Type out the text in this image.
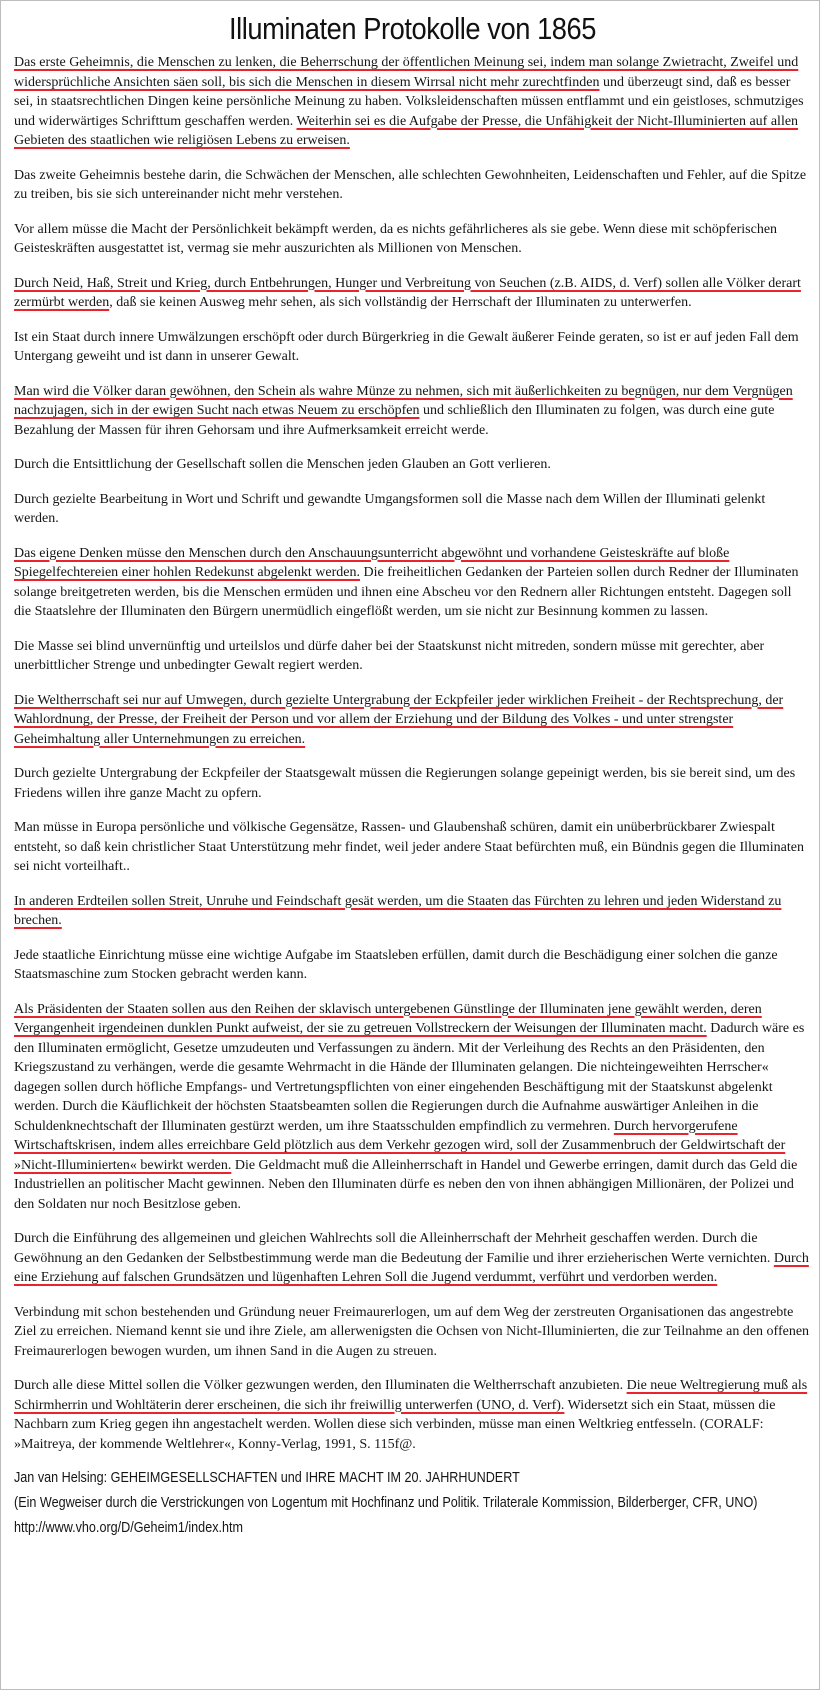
Illuminaten Protokolle von 1865

Das erste Geheimnis, die Menschen zu lenken, die Beherrschung der öffentlichen Meinung sei, indem man solange Zwietracht, Zweifel und widersprüchliche Ansichten säen soll, bis sich die Menschen in diesem Wirrsal nicht mehr zurechtfinden und überzeugt sind, daß es besser sei, in staatsrechtlichen Dingen keine persönliche Meinung zu haben. Volksleidenschaften müssen entflammt und ein geistloses, schmutziges und widerwärtiges Schrifttum geschaffen werden. Weiterhin sei es die Aufgabe der Presse, die Unfähigkeit der Nicht-Illuminierten auf allen Gebieten des staatlichen wie religiösen Lebens zu erweisen.

Das zweite Geheimnis bestehe darin, die Schwächen der Menschen, alle schlechten Gewohnheiten, Leidenschaften und Fehler, auf die Spitze zu treiben, bis sie sich untereinander nicht mehr verstehen.

Vor allem müsse die Macht der Persönlichkeit bekämpft werden, da es nichts gefährlicheres als sie gebe. Wenn diese mit schöpferischen Geisteskräften ausgestattet ist, vermag sie mehr auszurichten als Millionen von Menschen.

Durch Neid, Haß, Streit und Krieg, durch Entbehrungen, Hunger und Verbreitung von Seuchen (z.B. AIDS, d. Verf) sollen alle Völker derart zermürbt werden, daß sie keinen Ausweg mehr sehen, als sich vollständig der Herrschaft der Illuminaten zu unterwerfen.

Ist ein Staat durch innere Umwälzungen erschöpft oder durch Bürgerkrieg in die Gewalt äußerer Feinde geraten, so ist er auf jeden Fall dem Untergang geweiht und ist dann in unserer Gewalt.

Man wird die Völker daran gewöhnen, den Schein als wahre Münze zu nehmen, sich mit äußerlichkeiten zu begnügen, nur dem Vergnügen nachzujagen, sich in der ewigen Sucht nach etwas Neuem zu erschöpfen und schließlich den Illuminaten zu folgen, was durch eine gute Bezahlung der Massen für ihren Gehorsam und ihre Aufmerksamkeit erreicht werde.

Durch die Entsittlichung der Gesellschaft sollen die Menschen jeden Glauben an Gott verlieren.

Durch gezielte Bearbeitung in Wort und Schrift und gewandte Umgangsformen soll die Masse nach dem Willen der Illuminati gelenkt werden.

Das eigene Denken müsse den Menschen durch den Anschauungsunterricht abgewöhnt und vorhandene Geisteskräfte auf bloße Spiegelfechtereien einer hohlen Redekunst abgelenkt werden. Die freiheitlichen Gedanken der Parteien sollen durch Redner der Illuminaten solange breitgetreten werden, bis die Menschen ermüden und ihnen eine Abscheu vor den Rednern aller Richtungen entsteht. Dagegen soll die Staatslehre der Illuminaten den Bürgern unermüdlich eingeflößt werden, um sie nicht zur Besinnung kommen zu lassen.

Die Masse sei blind unvernünftig und urteilslos und dürfe daher bei der Staatskunst nicht mitreden, sondern müsse mit gerechter, aber unerbittlicher Strenge und unbedingter Gewalt regiert werden.

Die Weltherrschaft sei nur auf Umwegen, durch gezielte Untergrabung der Eckpfeiler jeder wirklichen Freiheit - der Rechtsprechung, der Wahlordnung, der Presse, der Freiheit der Person und vor allem der Erziehung und der Bildung des Volkes - und unter strengster Geheimhaltung aller Unternehmungen zu erreichen.

Durch gezielte Untergrabung der Eckpfeiler der Staatsgewalt müssen die Regierungen solange gepeinigt werden, bis sie bereit sind, um des Friedens willen ihre ganze Macht zu opfern.

Man müsse in Europa persönliche und völkische Gegensätze, Rassen- und Glaubenshaß schüren, damit ein unüberbrückbarer Zwiespalt entsteht, so daß kein christlicher Staat Unterstützung mehr findet, weil jeder andere Staat befürchten muß, ein Bündnis gegen die Illuminaten sei nicht vorteilhaft..

In anderen Erdteilen sollen Streit, Unruhe und Feindschaft gesät werden, um die Staaten das Fürchten zu lehren und jeden Widerstand zu brechen.

Jede staatliche Einrichtung müsse eine wichtige Aufgabe im Staatsleben erfüllen, damit durch die Beschädigung einer solchen die ganze Staatsmaschine zum Stocken gebracht werden kann.

Als Präsidenten der Staaten sollen aus den Reihen der sklavisch untergebenen Günstlinge der Illuminaten jene gewählt werden, deren Vergangenheit irgendeinen dunklen Punkt aufweist, der sie zu getreuen Vollstreckern der Weisungen der Illuminaten macht. Dadurch wäre es den Illuminaten ermöglicht, Gesetze umzudeuten und Verfassungen zu ändern. Mit der Verleihung des Rechts an den Präsidenten, den Kriegszustand zu verhängen, werde die gesamte Wehrmacht in die Hände der Illuminaten gelangen. Die nichteingeweihten Herrscher« dagegen sollen durch höfliche Empfangs- und Vertretungspflichten von einer eingehenden Beschäftigung mit der Staatskunst abgelenkt werden. Durch die Käuflichkeit der höchsten Staatsbeamten sollen die Regierungen durch die Aufnahme auswärtiger Anleihen in die Schuldenknechtschaft der Illuminaten gestürzt werden, um ihre Staatsschulden empfindlich zu vermehren. Durch hervorgerufene Wirtschaftskrisen, indem alles erreichbare Geld plötzlich aus dem Verkehr gezogen wird, soll der Zusammenbruch der Geldwirtschaft der »Nicht-Illuminierten« bewirkt werden. Die Geldmacht muß die Alleinherrschaft in Handel und Gewerbe erringen, damit durch das Geld die Industriellen an politischer Macht gewinnen. Neben den Illuminaten dürfe es neben den von ihnen abhängigen Millionären, der Polizei und den Soldaten nur noch Besitzlose geben.

Durch die Einführung des allgemeinen und gleichen Wahlrechts soll die Alleinherrschaft der Mehrheit geschaffen werden. Durch die Gewöhnung an den Gedanken der Selbstbestimmung werde man die Bedeutung der Familie und ihrer erzieherischen Werte vernichten. Durch eine Erziehung auf falschen Grundsätzen und lügenhaften Lehren Soll die Jugend verdummt, verführt und verdorben werden.

Verbindung mit schon bestehenden und Gründung neuer Freimaurerlogen, um auf dem Weg der zerstreuten Organisationen das angestrebte Ziel zu erreichen. Niemand kennt sie und ihre Ziele, am allerwenigsten die Ochsen von Nicht-Illuminierten, die zur Teilnahme an den offenen Freimaurerlogen bewogen wurden, um ihnen Sand in die Augen zu streuen.

Durch alle diese Mittel sollen die Völker gezwungen werden, den Illuminaten die Weltherrschaft anzubieten. Die neue Weltregierung muß als Schirmherrin und Wohltäterin derer erscheinen, die sich ihr freiwillig unterwerfen (UNO, d. Verf). Widersetzt sich ein Staat, müssen die Nachbarn zum Krieg gegen ihn angestachelt werden. Wollen diese sich verbinden, müsse man einen Weltkrieg entfesseln. (CORALF: »Maitreya, der kommende Weltlehrer«, Konny-Verlag, 1991, S. 115f@.

Jan van Helsing: GEHEIMGESELLSCHAFTEN und IHRE MACHT IM 20. JAHRHUNDERT
(Ein Wegweiser durch die Verstrickungen von Logentum mit Hochfinanz und Politik. Trilaterale Kommission, Bilderberger, CFR, UNO)
http://www.vho.org/D/Geheim1/index.htm
